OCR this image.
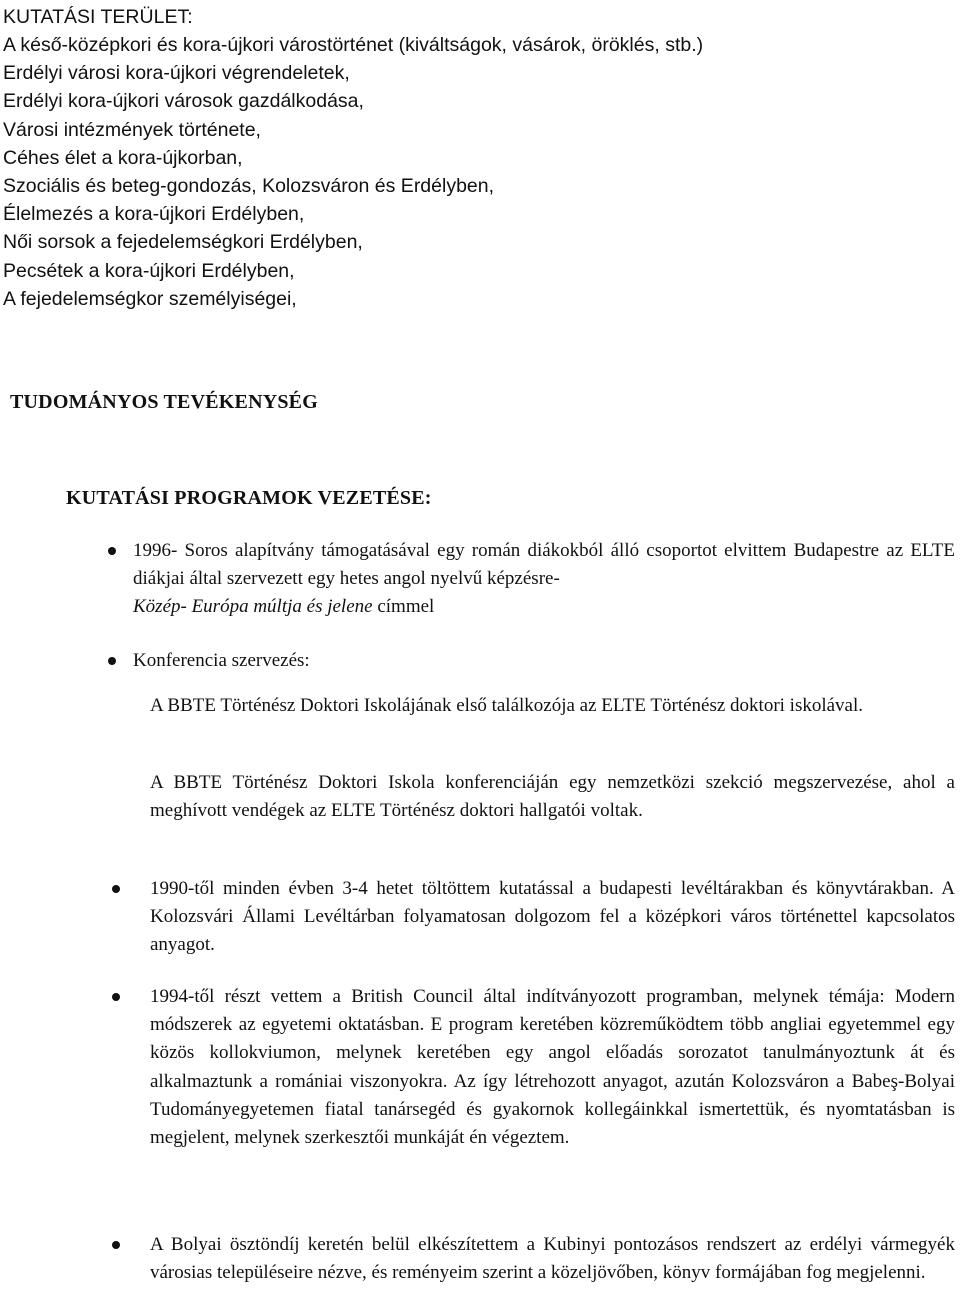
KUTATÁSI TERÜLET:
A késő-középkori és kora-újkori várostörténet (kiváltságok, vásárok, öröklés, stb.)
Erdélyi városi kora-újkori végrendeletek,
Erdélyi kora-újkori városok gazdálkodása,
Városi intézmények története,
Céhes élet a kora-újkorban,
Szociális és beteg-gondozás, Kolozsváron és Erdélyben,
Élelmezés a kora-újkori Erdélyben,
Női sorsok a fejedelemségkori Erdélyben,
Pecsétek a kora-újkori Erdélyben,
A fejedelemségkor személyiségei,
TUDOMÁNYOS TEVÉKENYSÉG
KUTATÁSI PROGRAMOK VEZETÉSE:
1996- Soros alapítvány támogatásával egy román diákokból álló csoportot elvittem Budapestre az ELTE diákjai által szervezett egy hetes angol nyelvű képzésre-
Közép- Európa múltja és jelene címmel
Konferencia szervezés:
A BBTE Történész Doktori Iskolájának első találkozója az ELTE Történész doktori iskolával.
A BBTE Történész Doktori Iskola konferenciáján egy nemzetközi szekció megszervezése, ahol a meghívott vendégek az ELTE Történész doktori hallgatói voltak.
1990-től minden évben 3-4 hetet töltöttem kutatással a budapesti levéltárakban és könyvtárakban. A Kolozsvári Állami Levéltárban folyamatosan dolgozom fel a középkori város történettel kapcsolatos anyagot.
1994-től részt vettem a British Council által indítványozott programban, melynek témája: Modern módszerek az egyetemi oktatásban. E program keretében közreműködtem több angliai egyetemmel egy közös kollokviumon, melynek keretében egy angol előadás sorozatot tanulmányoztunk át és alkalmaztunk a romániai viszonyokra. Az így létrehozott anyagot, azután Kolozsváron a Babeş-Bolyai Tudományegyetemen fiatal tanársegéd és gyakornok kollegáinkkal ismertettük, és nyomtatásban is megjelent, melynek szerkesztői munkáját én végeztem.
A Bolyai ösztöndíj keretén belül elkészítettem a Kubinyi pontozásos rendszert az erdélyi vármegyék városias településeire nézve, és reményeim szerint a közeljövőben, könyv formájában fog megjelenni.
